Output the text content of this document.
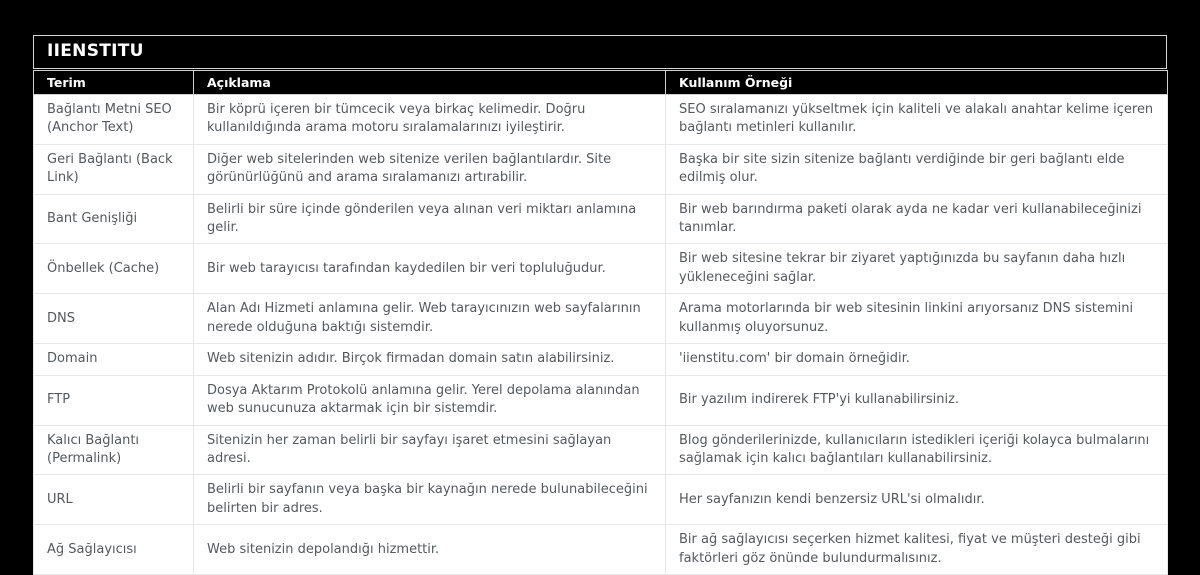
IIENSTITU
Terim	Açıklama	Kullanım Örneği
Bağlantı Metni SEO (Anchor Text)	Bir köprü içeren bir tümcecik veya birkaç kelimedir. Doğru kullanıldığında arama motoru sıralamalarınızı iyileştirir.	SEO sıralamanızı yükseltmek için kaliteli ve alakalı anahtar kelime içeren bağlantı metinleri kullanılır.
Geri Bağlantı (Back Link)	Diğer web sitelerinden web sitenize verilen bağlantılardır. Site görünürlüğünü and arama sıralamanızı artırabilir.	Başka bir site sizin sitenize bağlantı verdiğinde bir geri bağlantı elde edilmiş olur.
Bant Genişliği	Belirli bir süre içinde gönderilen veya alınan veri miktarı anlamına gelir.	Bir web barındırma paketi olarak ayda ne kadar veri kullanabileceğinizi tanımlar.
Önbellek (Cache)	Bir web tarayıcısı tarafından kaydedilen bir veri topluluğudur.	Bir web sitesine tekrar bir ziyaret yaptığınızda bu sayfanın daha hızlı yükleneceğini sağlar.
DNS	Alan Adı Hizmeti anlamına gelir. Web tarayıcınızın web sayfalarının nerede olduğuna baktığı sistemdir.	Arama motorlarında bir web sitesinin linkini arıyorsanız DNS sistemini kullanmış oluyorsunuz.
Domain	Web sitenizin adıdır. Birçok firmadan domain satın alabilirsiniz.	'iienstitu.com' bir domain örneğidir.
FTP	Dosya Aktarım Protokolü anlamına gelir. Yerel depolama alanından web sunucunuza aktarmak için bir sistemdir.	Bir yazılım indirerek FTP'yi kullanabilirsiniz.
Kalıcı Bağlantı (Permalink)	Sitenizin her zaman belirli bir sayfayı işaret etmesini sağlayan adresi.	Blog gönderilerinizde, kullanıcıların istedikleri içeriği kolayca bulmalarını sağlamak için kalıcı bağlantıları kullanabilirsiniz.
URL	Belirli bir sayfanın veya başka bir kaynağın nerede bulunabileceğini belirten bir adres.	Her sayfanızın kendi benzersiz URL'si olmalıdır.
Ağ Sağlayıcısı	Web sitenizin depolandığı hizmettir.	Bir ağ sağlayıcısı seçerken hizmet kalitesi, fiyat ve müşteri desteği gibi faktörleri göz önünde bulundurmalısınız.
